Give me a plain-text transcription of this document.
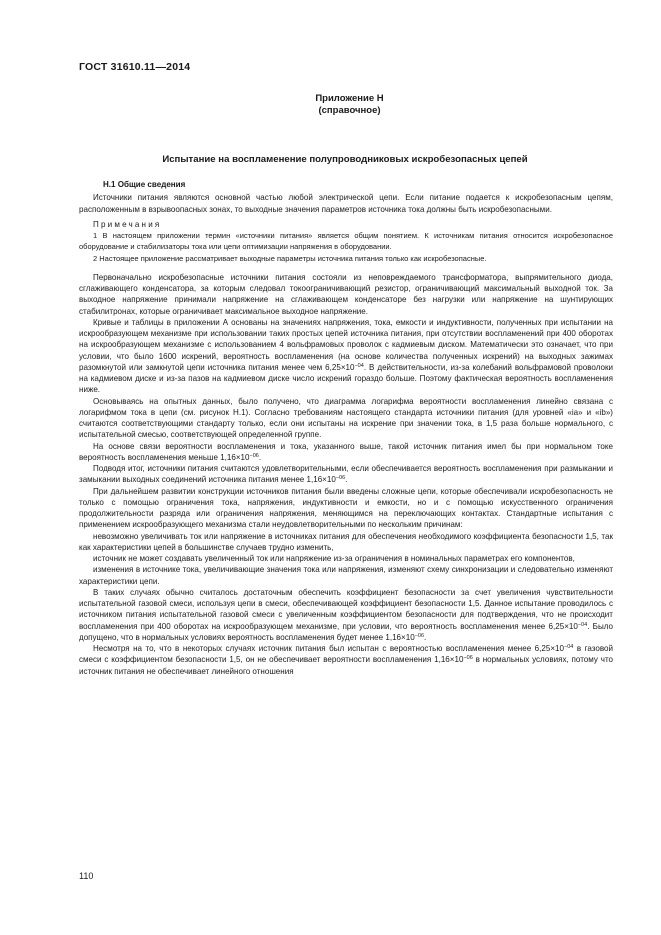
ГОСТ 31610.11—2014
Приложение Н
(справочное)
Испытание на воспламенение полупроводниковых искробезопасных цепей

Н.1 Общие сведения

Источники питания являются основной частью любой электрической цепи. Если питание подается к искробезопасным цепям, расположенным в взрывоопасных зонах, то выходные значения параметров источника тока должны быть искробезопасными.

Примечания

1 В настоящем приложении термин «источники питания» является общим понятием. К источникам питания относится искробезопасное оборудование и стабилизаторы тока или цепи оптимизации напряжения в оборудовании.

2 Настоящее приложение рассматривает выходные параметры источника питания только как искробезопасные.

Первоначально искробезопасные источники питания состояли из неповреждаемого трансформатора, выпрямительного диода, сглаживающего конденсатора, за которым следовал токоограничивающий резистор, ограничивающий максимальный выходной ток. За выходное напряжение принимали напряжение на сглаживающем конденсаторе без нагрузки или напряжение на шунтирующих стабилитронах, которые ограничивает максимальное выходное напряжение.

Кривые и таблицы в приложении А основаны на значениях напряжения, тока, емкости и индуктивности, полученных при испытании на искрообразующем механизме при использовании таких простых цепей источника питания, при отсутствии воспламенений при 400 оборотах на искрообразующем механизме с использованием 4 вольфрамовых проволок с кадмиевым диском. Математически это означает, что при условии, что было 1600 искрений, вероятность воспламенения (на основе количества полученных искрений) на выходных зажимах разомкнутой или замкнутой цепи источника питания менее чем $6,25\times 10^{-04}$. В действительности, из-за колебаний вольфрамовой проволоки на кадмиевом диске и из-за пазов на кадмиевом диске число искрений гораздо больше. Поэтому фактическая вероятность воспламенения ниже.

Основываясь на опытных данных, было получено, что диаграмма логарифма вероятности воспламенения линейно связана с логарифмом тока в цепи (см. рисунок Н.1). Согласно требованиям настоящего стандарта источники питания (для уровней «ia» и «ib») считаются соответствующими стандарту только, если они испытаны на искрение при значении тока, в 1,5 раза больше нормального, с испытательной смесью, соответствующей определенной группе.

На основе связи вероятности воспламенения и тока, указанного выше, такой источник питания имел бы при нормальном токе вероятность воспламенения меньше $1,16\times 10^{-06}$.

Подводя итог, источники питания считаются удовлетворительными, если обеспечивается вероятность воспламенения при размыкании и замыкании выходных соединений источника питания менее $1,16\times 10^{-06}$.

При дальнейшем развитии конструкции источников питания были введены сложные цепи, которые обеспечивали искробезопасность не только с помощью ограничения тока, напряжения, индуктивности и емкости, но и с помощью искусственного ограничения продолжительности разряда или ограничения напряжения, меняющимся на переключающих контактах. Стандартные испытания с применением искрообразующего механизма стали неудовлетворительными по нескольким причинам:

невозможно увеличивать ток или напряжение в источниках питания для обеспечения необходимого коэффициента безопасности 1,5, так как характеристики цепей в большинстве случаев трудно изменить,

источник не может создавать увеличенный ток или напряжение из-за ограничения в номинальных параметрах его компонентов,

изменения в источнике тока, увеличивающие значения тока или напряжения, изменяют схему синхронизации и следовательно изменяют характеристики цепи.

В таких случаях обычно считалось достаточным обеспечить коэффициент безопасности за счет увеличения чувствительности испытательной газовой смеси, используя цепи в смеси, обеспечивающей коэффициент безопасности 1,5. Данное испытание проводилось с источником питания испытательной газовой смеси с увеличенным коэффициентом безопасности для подтверждения, что не происходит воспламенения при 400 оборотах на искрообразующем механизме, при условии, что вероятность воспламенения менее $6,25\times 10^{-04}$. Было допущено, что в нормальных условиях вероятность воспламенения будет менее $1,16\times 10^{-06}$.

Несмотря на то, что в некоторых случаях источник питания был испытан с вероятностью воспламенения менее $6,25\times 10^{-04}$ в газовой смеси с коэффициентом безопасности 1,5, он не обеспечивает вероятности воспламенения $1,16\times 10^{-06}$ в нормальных условиях, потому что источник питания не обеспечивает линейного отношения

110
